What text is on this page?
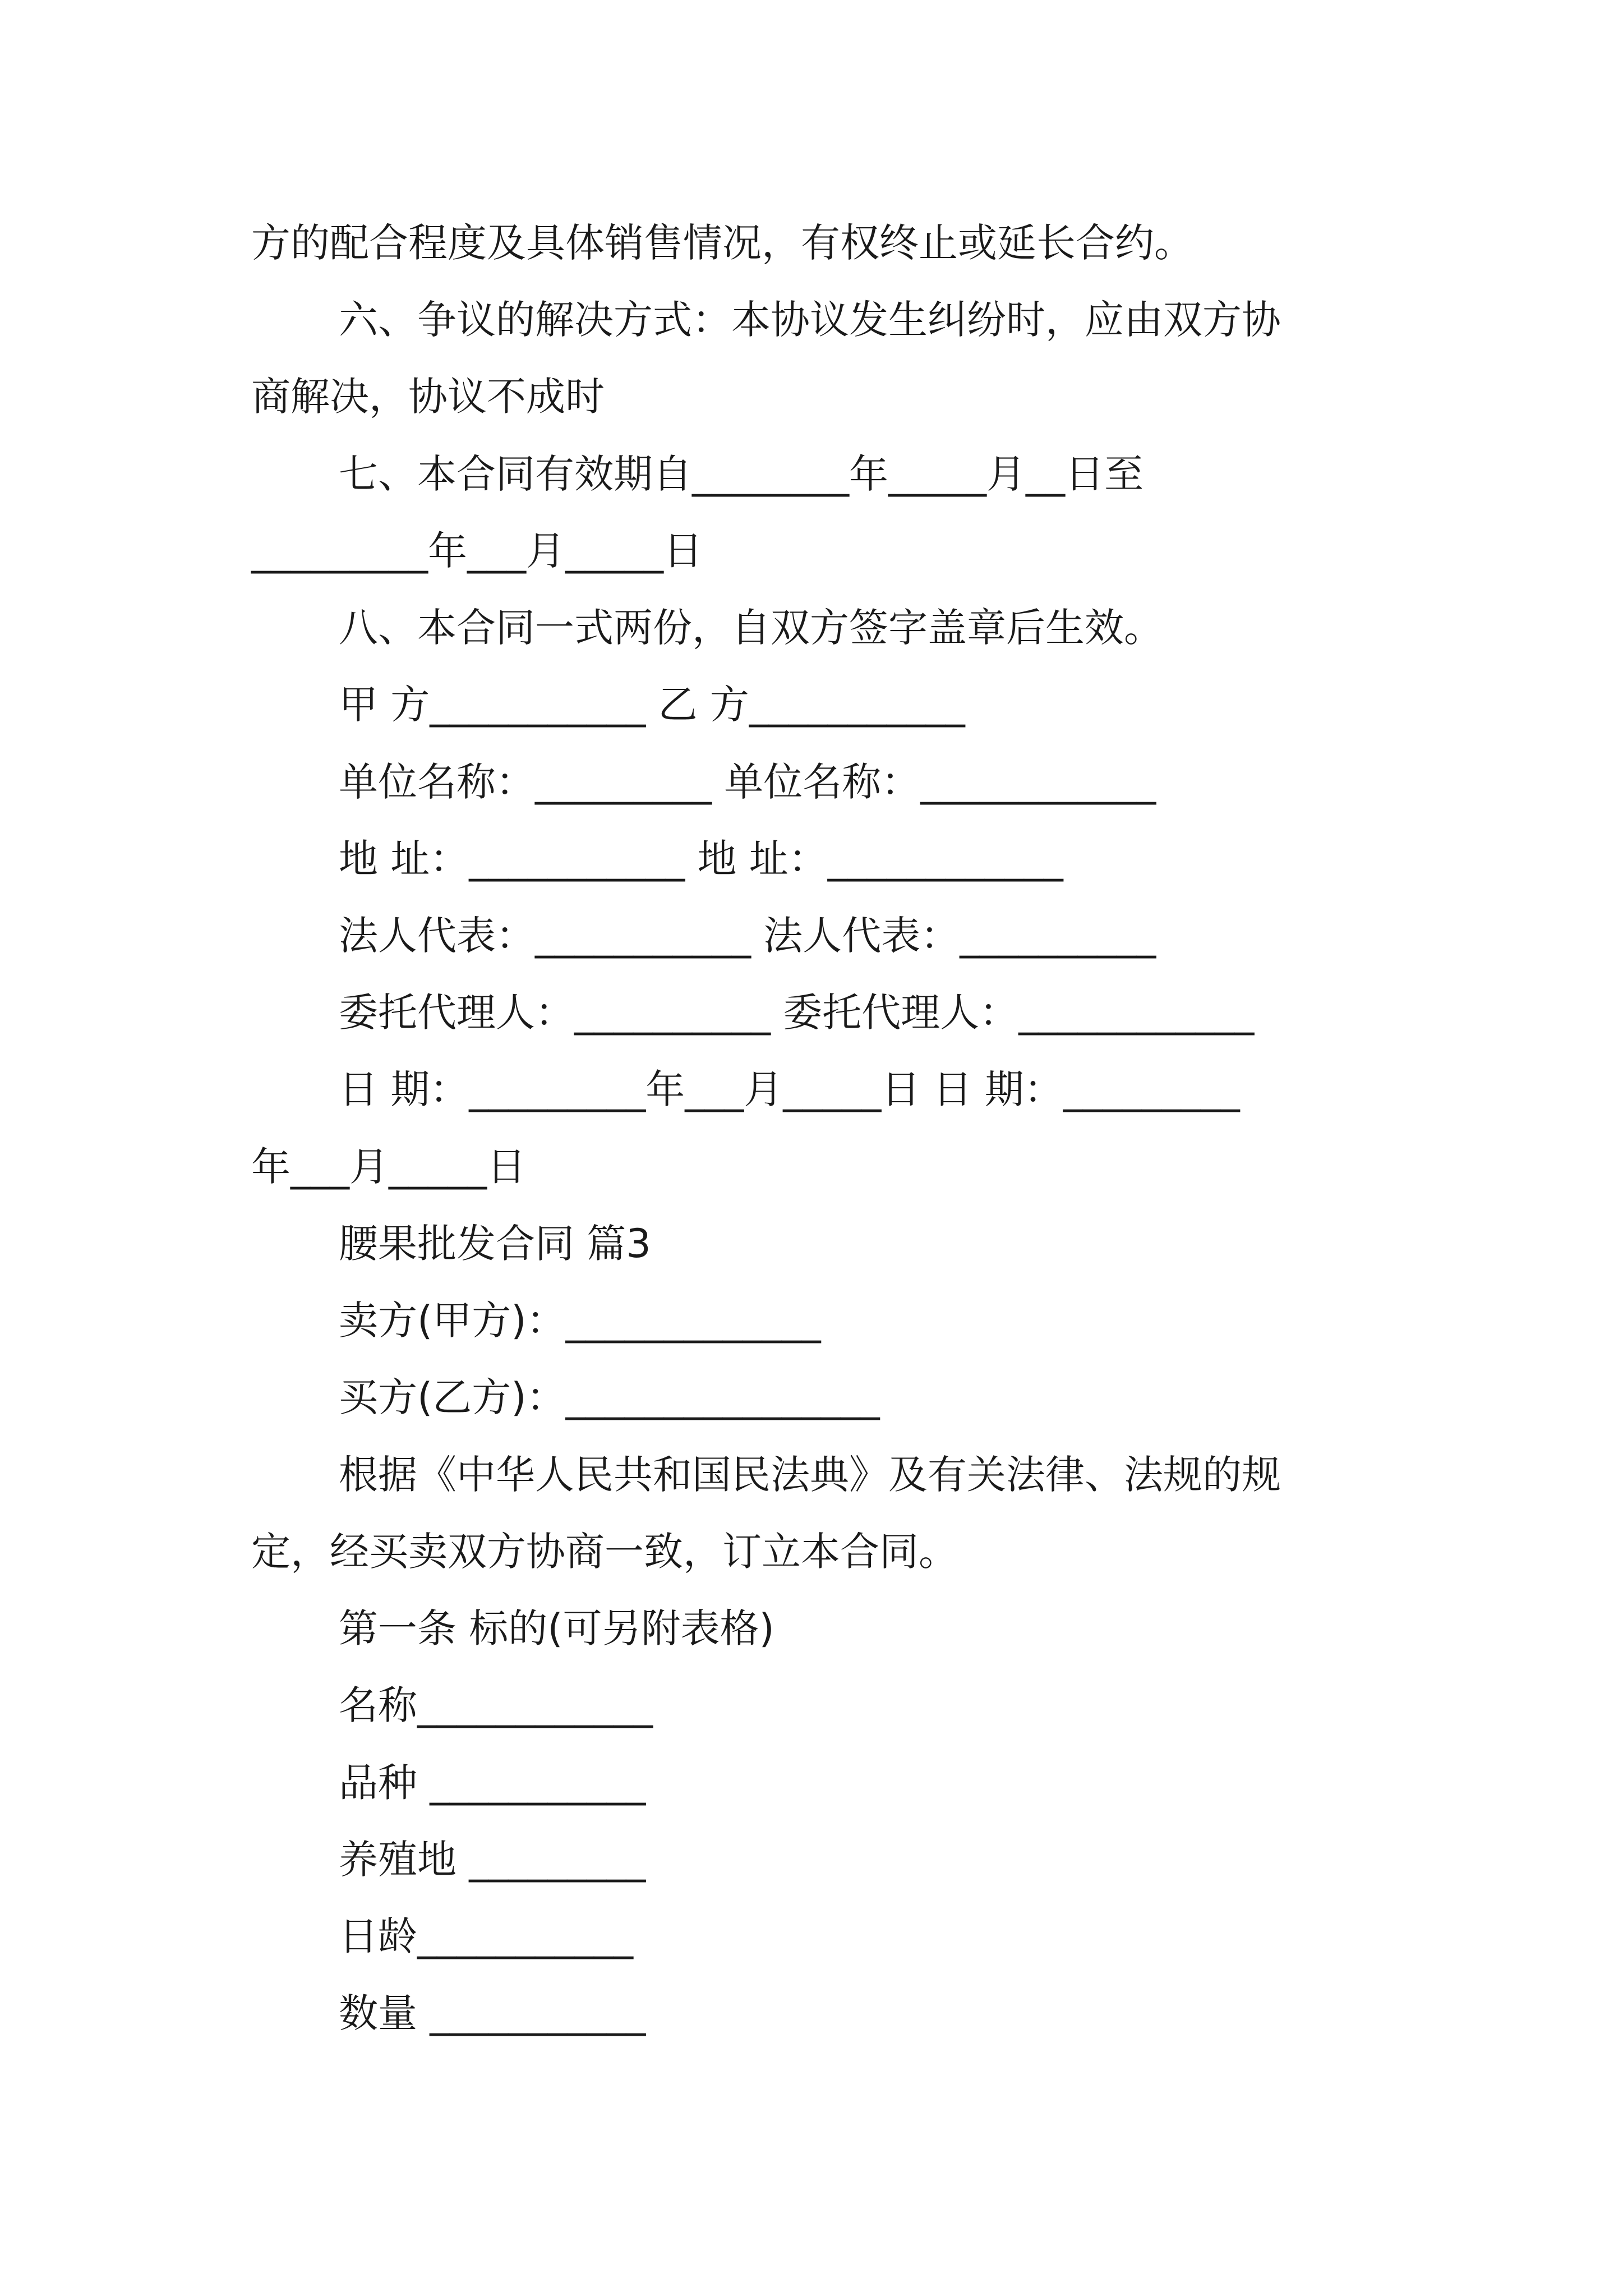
方的配合程度及具体销售情况，有权终止或延长合约。
六、争议的解决方式：本协议发生纠纷时，应由双方协
商解决，协议不成时
七、本合同有效期自________年_____月__日至
_________年___月_____日
八、本合同一式两份，自双方签字盖章后生效。
甲 方___________ 乙 方___________
单位名称：_________ 单位名称：____________
地 址：___________ 地 址：____________
法人代表：___________ 法人代表：__________
委托代理人：__________ 委托代理人：____________
日 期：_________年___月_____日 日 期：_________
年___月_____日
腰果批发合同 篇3
卖方(甲方)：_____________
买方(乙方)：________________
根据《中华人民共和国民法典》及有关法律、法规的规
定，经买卖双方协商一致，订立本合同。
第一条 标的(可另附表格)
名称____________
品种 ___________
养殖地 _________
日龄___________
数量 ___________
